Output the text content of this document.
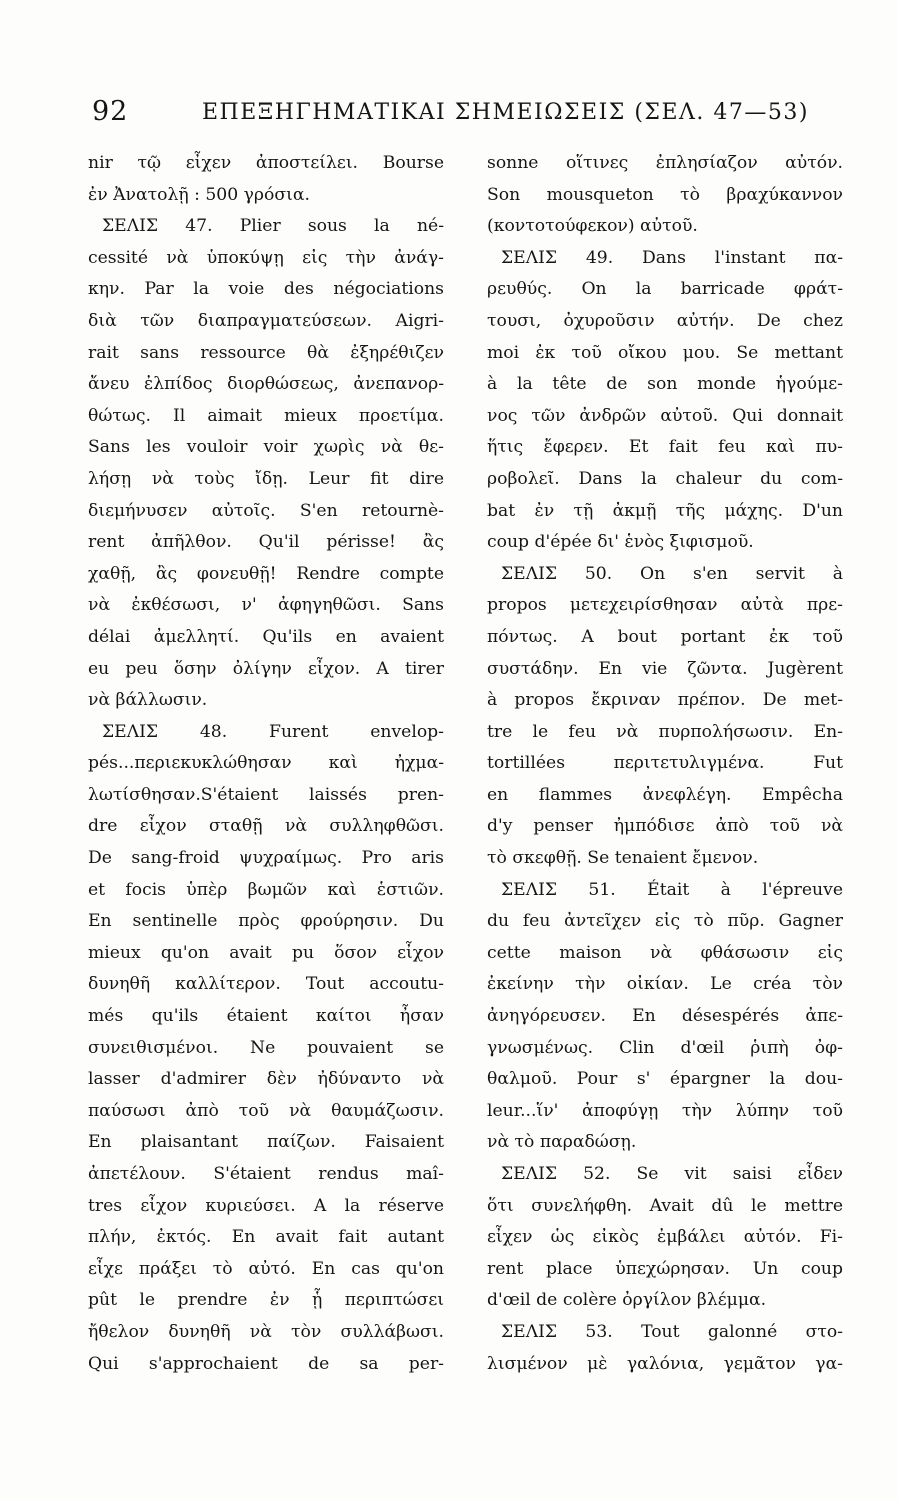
92	ΕΠΕΞΗΓΗΜΑΤΙΚΑΙ ΣΗΜΕΙΩΣΕΙΣ (ΣΕΛ. 47—53)
nir τῷ εἶχεν ἀποστείλει. Bourse
ἐν Ἀνατολῇ : 500 γρόσια.
ΣΕΛΙΣ 47. Plier sous la né-
cessité νὰ ὑποκύψῃ εἰς τὴν ἀνάγ-
κην. Par la voie des négociations
διὰ τῶν διαπραγματεύσεων. Aigri-
rait sans ressource θὰ ἐξηρέθιζεν
ἄνευ ἐλπίδος διορθώσεως, ἀνεπανορ-
θώτως. Il aimait mieux προετίμα.
Sans les vouloir voir χωρὶς νὰ θε-
λήσῃ νὰ τοὺς ἴδῃ. Leur fit dire
διεμήνυσεν αὐτοῖς. S'en retournè-
rent ἀπῆλθον. Qu'il périsse! ἂς
χαθῇ, ἂς φονευθῇ! Rendre compte
νὰ ἐκθέσωσι, ν' ἀφηγηθῶσι. Sans
délai ἀμελλητί. Qu'ils en avaient
eu peu ὅσην ὀλίγην εἶχον. A tirer
νὰ βάλλωσιν.
ΣΕΛΙΣ 48. Furent envelop-
pés...περιεκυκλώθησαν καὶ ἠχμα-
λωτίσθησαν.S'étaient laissés pren-
dre εἶχον σταθῇ νὰ συλληφθῶσι.
De sang-froid ψυχραίμως. Pro aris
et focis ὑπὲρ βωμῶν καὶ ἑστιῶν.
En sentinelle πρὸς φρούρησιν. Du
mieux qu'on avait pu ὅσον εἶχον
δυνηθῆ καλλίτερον. Tout accoutu-
més qu'ils étaient καίτοι ἦσαν
συνειθισμένοι. Ne pouvaient se
lasser d'admirer δὲν ἠδύναντο νὰ
παύσωσι ἀπὸ τοῦ νὰ θαυμάζωσιν.
En plaisantant παίζων. Faisaient
ἀπετέλουν. S'étaient rendus maî-
tres εἶχον κυριεύσει. A la réserve
πλήν, ἐκτός. En avait fait autant
εἶχε πράξει τὸ αὐτό. En cas qu'on
pût le prendre ἐν ᾗ περιπτώσει
ἤθελον δυνηθῆ νὰ τὸν συλλάβωσι.
Qui s'approchaient de sa per-
sonne οἵτινες ἐπλησίαζον αὐτόν.
Son mousqueton τὸ βραχύκαννον
(κοντοτούφεκον) αὐτοῦ.
ΣΕΛΙΣ 49. Dans l'instant πα-
ρευθύς. On la barricade φράτ-
τουσι, ὀχυροῦσιν αὐτήν. De chez
moi ἐκ τοῦ οἴκου μου. Se mettant
à la tête de son monde ἡγούμε-
νος τῶν ἀνδρῶν αὐτοῦ. Qui donnait
ἥτις ἔφερεν. Et fait feu καὶ πυ-
ροβολεῖ. Dans la chaleur du com-
bat ἐν τῇ ἀκμῇ τῆς μάχης. D'un
coup d'épée δι' ἑνὸς ξιφισμοῦ.
ΣΕΛΙΣ 50. On s'en servit à
propos μετεχειρίσθησαν αὐτὰ πρε-
πόντως. A bout portant ἐκ τοῦ
συστάδην. En vie ζῶντα. Jugèrent
à propos ἔκριναν πρέπον. De met-
tre le feu νὰ πυρπολήσωσιν. En-
tortillées περιτετυλιγμένα. Fut
en flammes ἀνεφλέγη. Empêcha
d'y penser ἠμπόδισε ἀπὸ τοῦ νὰ
τὸ σκεφθῇ. Se tenaient ἔμενον.
ΣΕΛΙΣ 51. Était à l'épreuve
du feu ἀντεῖχεν εἰς τὸ πῦρ. Gagner
cette maison νὰ φθάσωσιν εἰς
ἐκείνην τὴν οἰκίαν. Le créa τὸν
ἀνηγόρευσεν. En désespérés ἀπε-
γνωσμένως. Clin d'œil ῥιπὴ ὀφ-
θαλμοῦ. Pour s' épargner la dou-
leur...ἵν' ἀποφύγῃ τὴν λύπην τοῦ
νὰ τὸ παραδώσῃ.
ΣΕΛΙΣ 52. Se vit saisi εἶδεν
ὅτι συνελήφθη. Avait dû le mettre
εἶχεν ὡς εἰκὸς ἐμβάλει αὐτόν. Fi-
rent place ὑπεχώρησαν. Un coup
d'œil de colère ὀργίλον βλέμμα.
ΣΕΛΙΣ 53. Tout galonné στο-
λισμένον μὲ γαλόνια, γεμᾶτον γα-
